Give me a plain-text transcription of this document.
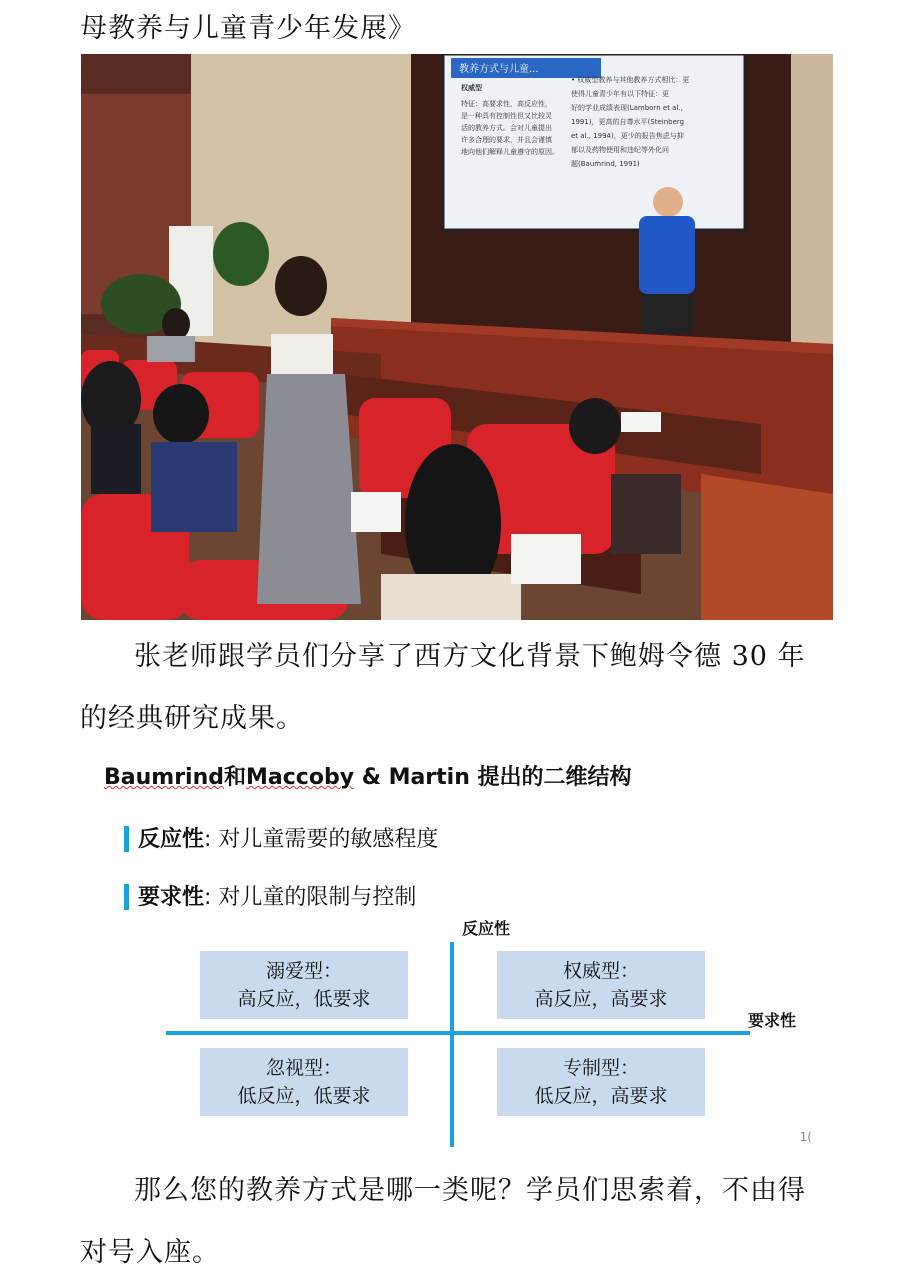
母教养与儿童青少年发展》
教养方式与儿童...
权威型
特征：高要求性，高反应性，
是一种具有控制性但又比较灵
活的教养方式。会对儿童提出
许多合理的要求，并且会谨慎
地向他们解释儿童遵守的原因。
• 权威型教养与其他教养方式相比：更
使得儿童青少年有以下特征：更
好的学业成绩表现(Lamborn et al.,
1991)，更高的自尊水平(Steinberg
et al., 1994)，更少的报告焦虑与抑
郁以及药物使用和违纪等外化问
题(Baumrind, 1991)
张老师跟学员们分享了西方文化背景下鲍姆令德 30 年的经典研究成果。
Baumrind和Maccoby & Martin 提出的二维结构
反应性: 对儿童需要的敏感程度
要求性: 对儿童的限制与控制
反应性
要求性
溺爱型：
高反应，低要求
权威型：
高反应，高要求
忽视型：
低反应，低要求
专制型：
低反应，高要求
1(
那么您的教养方式是哪一类呢？学员们思索着，不由得对号入座。
